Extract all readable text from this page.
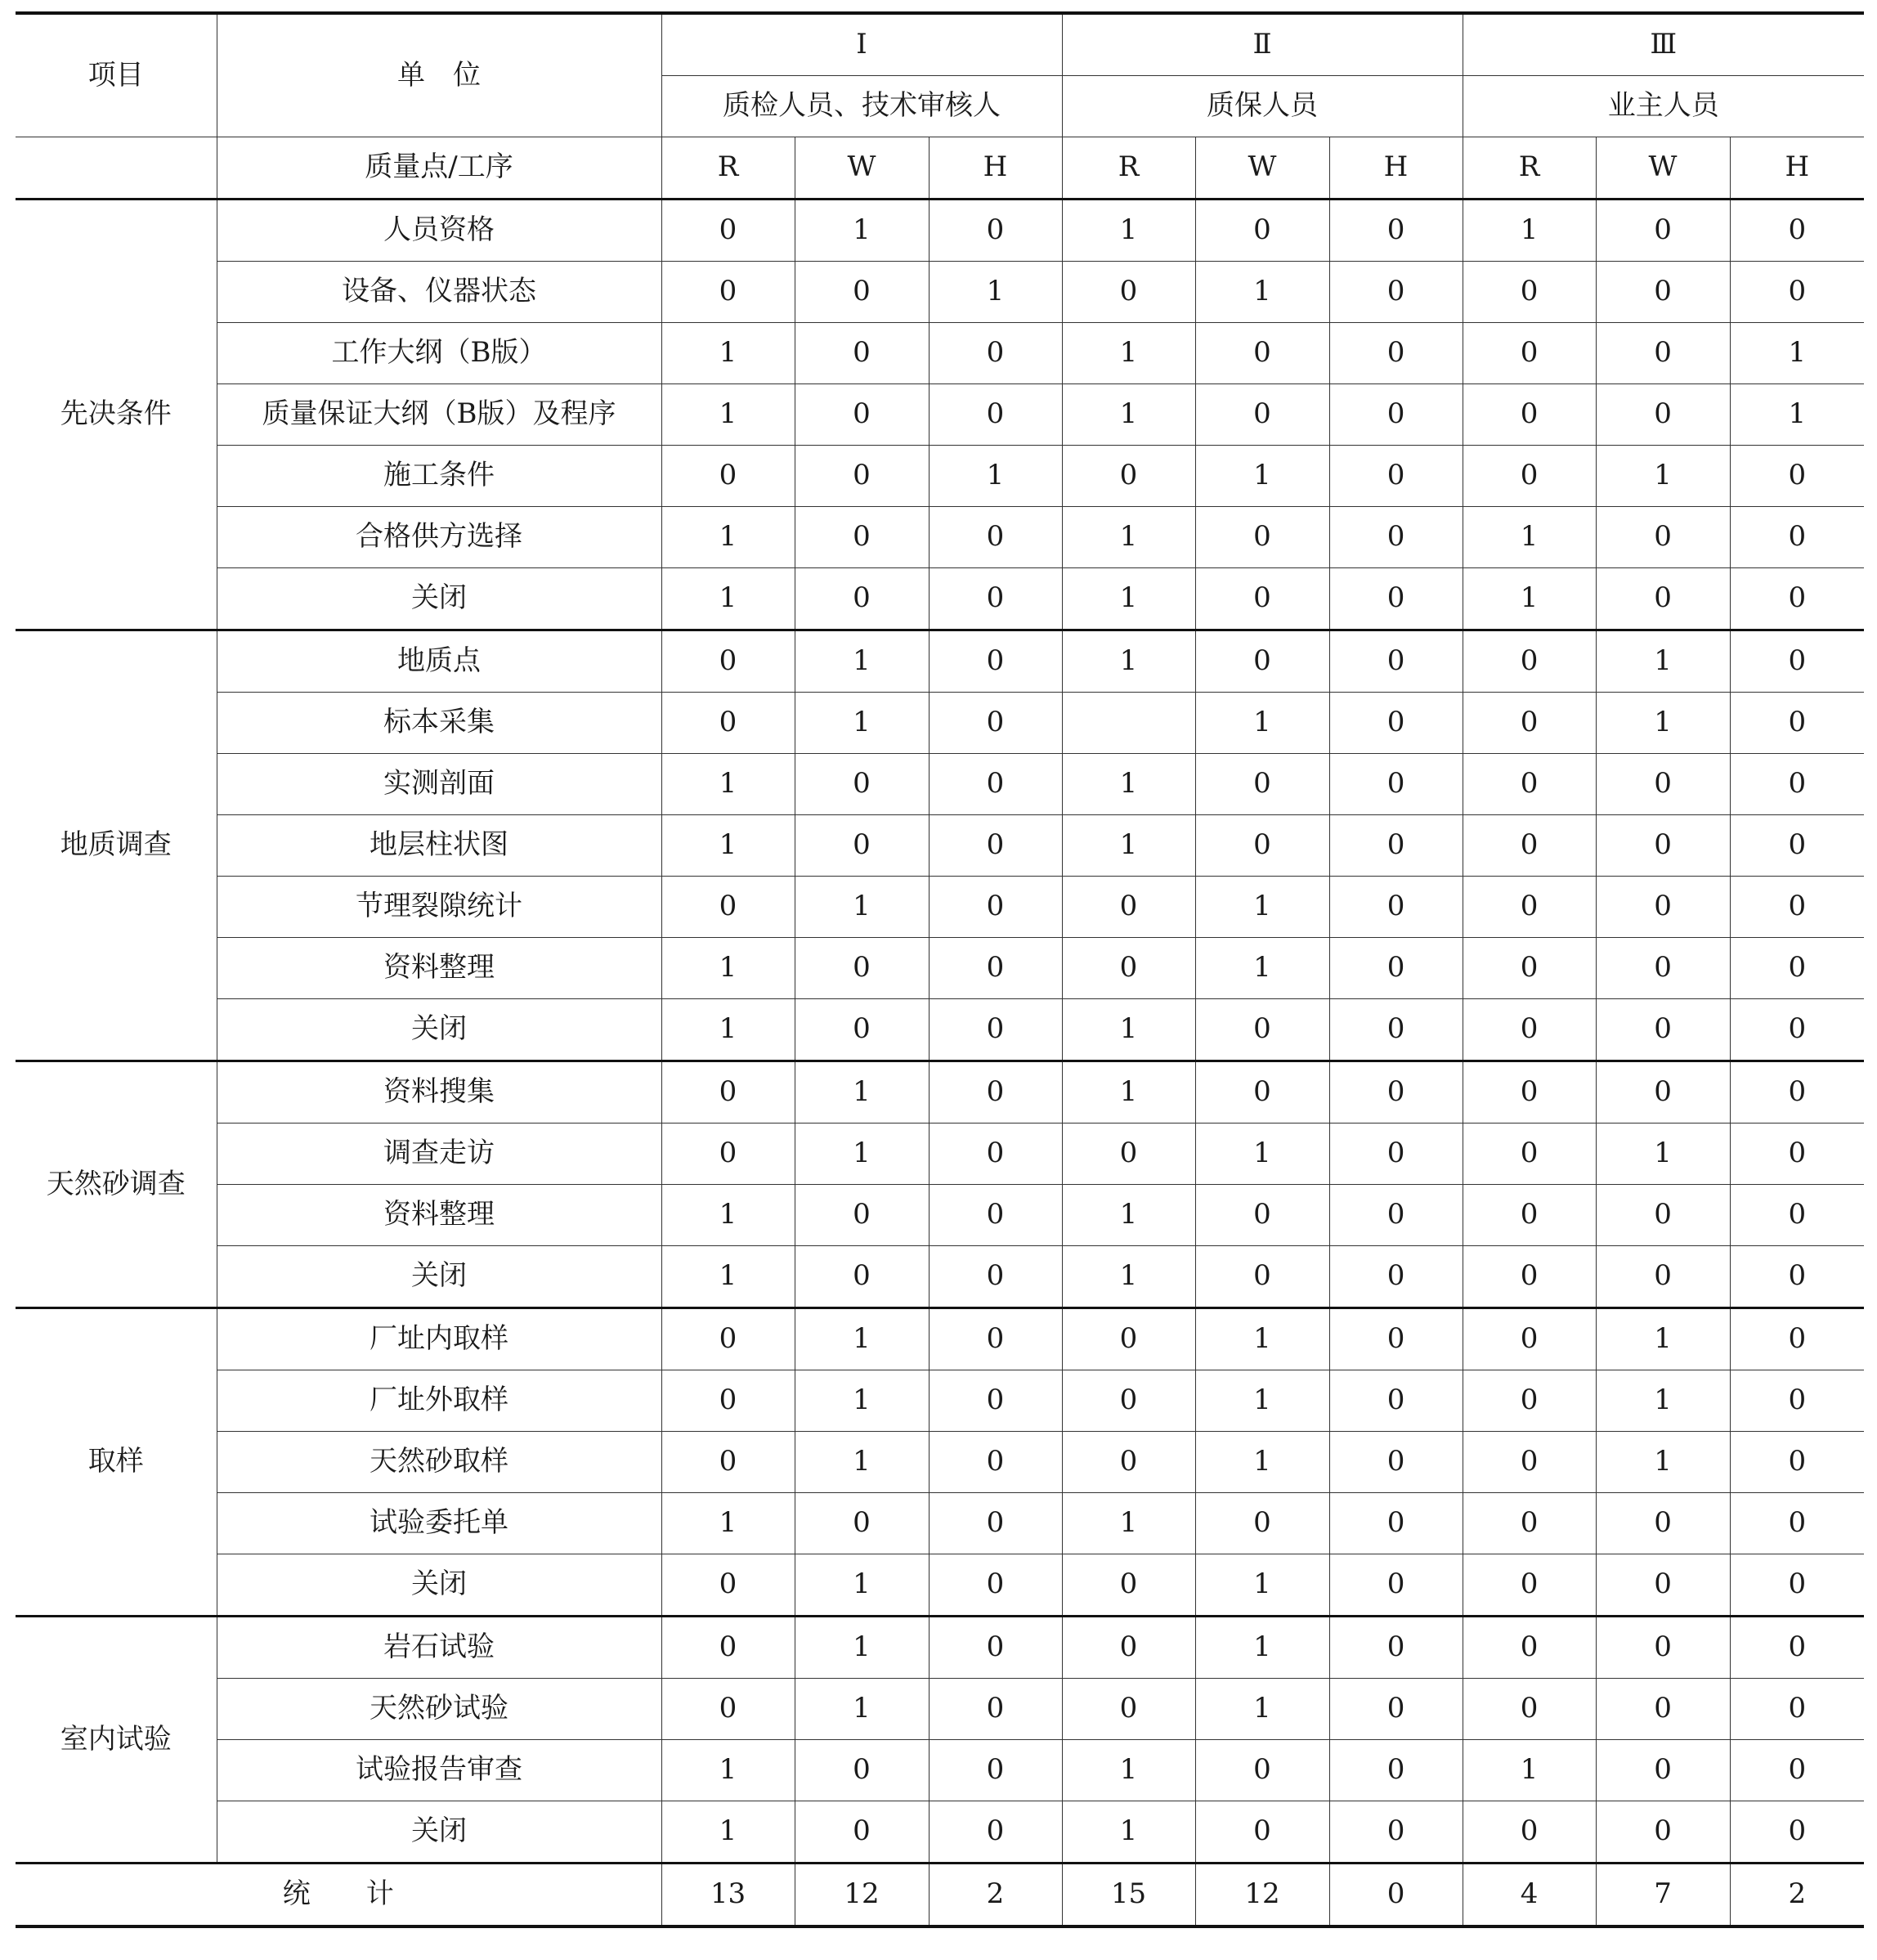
项目	单　位	Ⅰ			Ⅱ			Ⅲ		
		质检人员、技术审核人			质保人员			业主人员		
	质量点/工序	R	W	H	R	W	H	R	W	H
先决条件	人员资格	0	1	0	1	0	0	1	0	0
	设备、仪器状态	0	0	1	0	1	0	0	0	0
	工作大纲（B版）	1	0	0	1	0	0	0	0	1
	质量保证大纲（B版）及程序	1	0	0	1	0	0	0	0	1
	施工条件	0	0	1	0	1	0	0	1	0
	合格供方选择	1	0	0	1	0	0	1	0	0
	关闭	1	0	0	1	0	0	1	0	0
地质调查	地质点	0	1	0	1	0	0	0	1	0
	标本采集	0	1	0		1	0	0	1	0
	实测剖面	1	0	0	1	0	0	0	0	0
	地层柱状图	1	0	0	1	0	0	0	0	0
	节理裂隙统计	0	1	0	0	1	0	0	0	0
	资料整理	1	0	0	0	1	0	0	0	0
	关闭	1	0	0	1	0	0	0	0	0
天然砂调查	资料搜集	0	1	0	1	0	0	0	0	0
	调查走访	0	1	0	0	1	0	0	1	0
	资料整理	1	0	0	1	0	0	0	0	0
	关闭	1	0	0	1	0	0	0	0	0
取样	厂址内取样	0	1	0	0	1	0	0	1	0
	厂址外取样	0	1	0	0	1	0	0	1	0
	天然砂取样	0	1	0	0	1	0	0	1	0
	试验委托单	1	0	0	1	0	0	0	0	0
	关闭	0	1	0	0	1	0	0	0	0
室内试验	岩石试验	0	1	0	0	1	0	0	0	0
	天然砂试验	0	1	0	0	1	0	0	0	0
	试验报告审查	1	0	0	1	0	0	1	0	0
	关闭	1	0	0	1	0	0	0	0	0
统　　计		13	12	2	15	12	0	4	7	2
